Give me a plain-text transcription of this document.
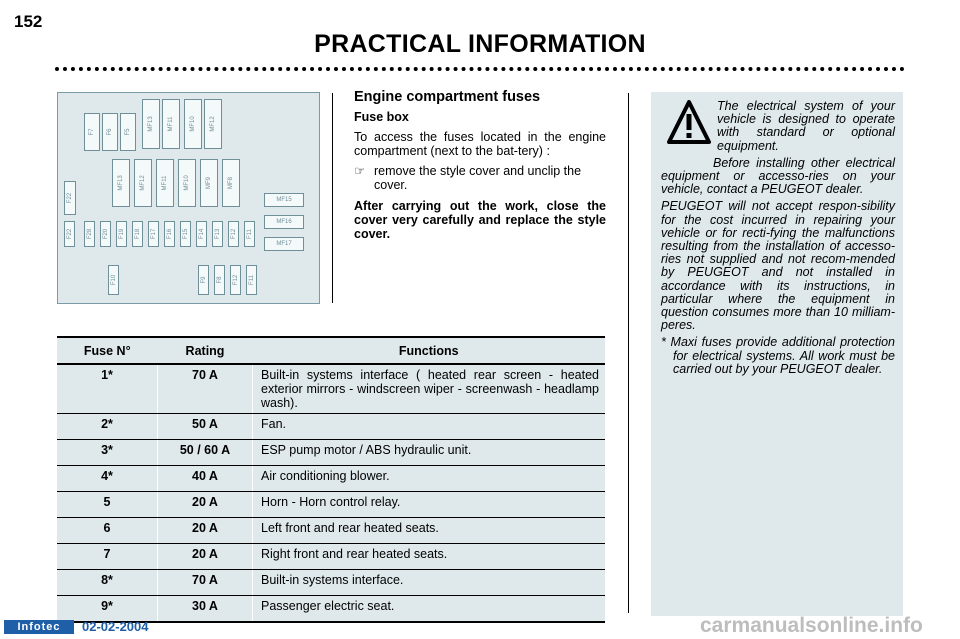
152
PRACTICAL INFORMATION
F7 F6 F5
MF13 MF11	MF10 MF12
MF13	MF12	MF11	MF10	MF9	MF8
F22	MF15
MF16
MF17
F22 F28 F20 F19 F18 F17 F16 F15 F14 F13 F12 F11
F10	F9 F8 F12 F11
Engine compartment fuses
Fuse box

To access the fuses located in the engine compartment (next to the bat-tery) :

☞ remove the style cover and unclip the cover.

After carrying out the work, close the cover very carefully and replace the style cover.

The electrical system of your vehicle is designed to operate with standard or optional equipment.

Before installing other electrical equipment or accesso-ries on your vehicle, contact a PEUGEOT dealer.

PEUGEOT will not accept respon-sibility for the cost incurred in repairing your vehicle or for recti-fying the malfunctions resulting from the installation of accesso-ries not supplied and not recom-mended by PEUGEOT and not installed in accordance with its instructions, in particular where the equipment in question consumes more than 10 milliam-peres.

* Maxi fuses provide additional protection for electrical systems. All work must be carried out by your PEUGEOT dealer.

Fuse N°	Rating	Functions
1*	70 A	Built-in systems interface ( heated rear screen - heated exterior mirrors - windscreen wiper - screenwash - headlamp wash).
2*	50 A	Fan.
3*	50 / 60 A	ESP pump motor / ABS hydraulic unit.
4*	40 A	Air conditioning blower.
5	20 A	Horn - Horn control relay.
6	20 A	Left front and rear heated seats.
7	20 A	Right front and rear heated seats.
8*	70 A	Built-in systems interface.
9*	30 A	Passenger electric seat.
Infotec	02-02-2004	carmanualsonline.info
